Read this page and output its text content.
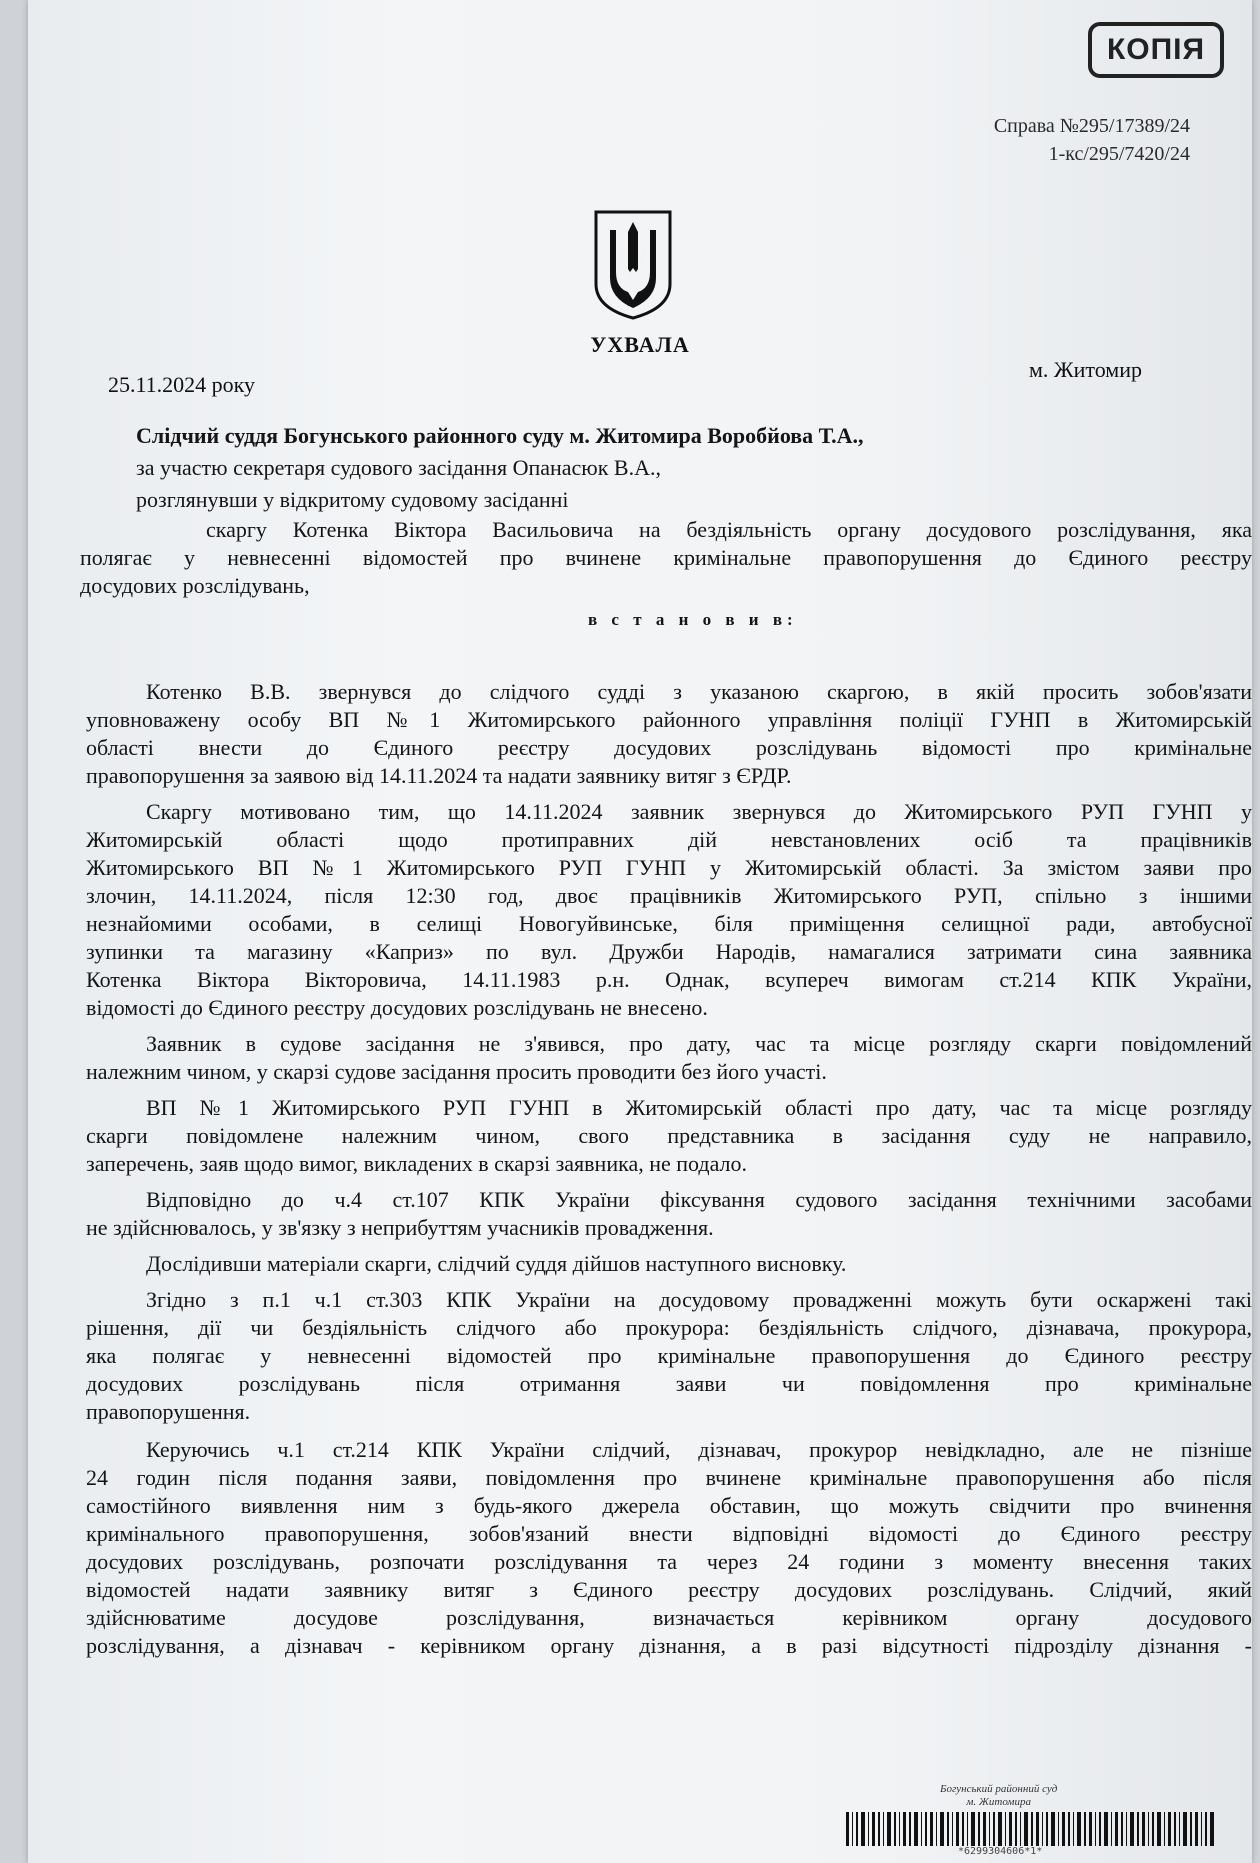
КОПІЯ
Справа №295/17389/24
1-кс/295/7420/24
УХВАЛА
25.11.2024 року
м. Житомир
Слідчий суддя Богунського районного суду м. Житомира Воробйова Т.А.,
за участю секретаря судового засідання Опанасюк В.А.,
розглянувши у відкритому судовому засіданні
скаргу Котенка Віктора Васильовича на бездіяльність органу досудового розслідування, яка
полягає у невнесенні відомостей про вчинене кримінальне правопорушення до Єдиного реєстру
досудових розслідувань,
в с т а н о в и в:
Котенко В.В. звернувся до слідчого судді з указаною скаргою, в якій просить зобов'язати
уповноважену особу ВП №1 Житомирського районного управління поліції ГУНП в Житомирській
області внести до Єдиного реєстру досудових розслідувань відомості про кримінальне
правопорушення за заявою від 14.11.2024 та надати заявнику витяг з ЄРДР.
Скаргу мотивовано тим, що 14.11.2024 заявник звернувся до Житомирського РУП ГУНП у
Житомирській області щодо протиправних дій невстановлених осіб та працівників
Житомирського ВП №1 Житомирського РУП ГУНП у Житомирській області. За змістом заяви про
злочин, 14.11.2024, після 12:30 год, двоє працівників Житомирського РУП, спільно з іншими
незнайомими особами, в селищі Новогуйвинське, біля приміщення селищної ради, автобусної
зупинки та магазину «Каприз» по вул. Дружби Народів, намагалися затримати сина заявника
Котенка Віктора Вікторовича, 14.11.1983 р.н. Однак, всупереч вимогам ст.214 КПК України,
відомості до Єдиного реєстру досудових розслідувань не внесено.
Заявник в судове засідання не з'явився, про дату, час та місце розгляду скарги повідомлений
належним чином, у скарзі судове засідання просить проводити без його участі.
ВП №1 Житомирського РУП ГУНП в Житомирській області про дату, час та місце розгляду
скарги повідомлене належним чином, свого представника в засідання суду не направило,
заперечень, заяв щодо вимог, викладених в скарзі заявника, не подало.
Відповідно до ч.4 ст.107 КПК України фіксування судового засідання технічними засобами
не здійснювалось, у зв'язку з неприбуттям учасників провадження.
Дослідивши матеріали скарги, слідчий суддя дійшов наступного висновку.
Згідно з п.1 ч.1 ст.303 КПК України на досудовому провадженні можуть бути оскаржені такі
рішення, дії чи бездіяльність слідчого або прокурора: бездіяльність слідчого, дізнавача, прокурора,
яка полягає у невнесенні відомостей про кримінальне правопорушення до Єдиного реєстру
досудових розслідувань після отримання заяви чи повідомлення про кримінальне
правопорушення.
Керуючись ч.1 ст.214 КПК України слідчий, дізнавач, прокурор невідкладно, але не пізніше
24 годин після подання заяви, повідомлення про вчинене кримінальне правопорушення або після
самостійного виявлення ним з будь-якого джерела обставин, що можуть свідчити про вчинення
кримінального правопорушення, зобов'язаний внести відповідні відомості до Єдиного реєстру
досудових розслідувань, розпочати розслідування та через 24 години з моменту внесення таких
відомостей надати заявнику витяг з Єдиного реєстру досудових розслідувань. Слідчий, який
здійснюватиме досудове розслідування, визначається керівником органу досудового
розслідування, а дізнавач - керівником органу дізнання, а в разі відсутності підрозділу дізнання -
Богунський районний суд
м. Житомира
*6299304606*1*
